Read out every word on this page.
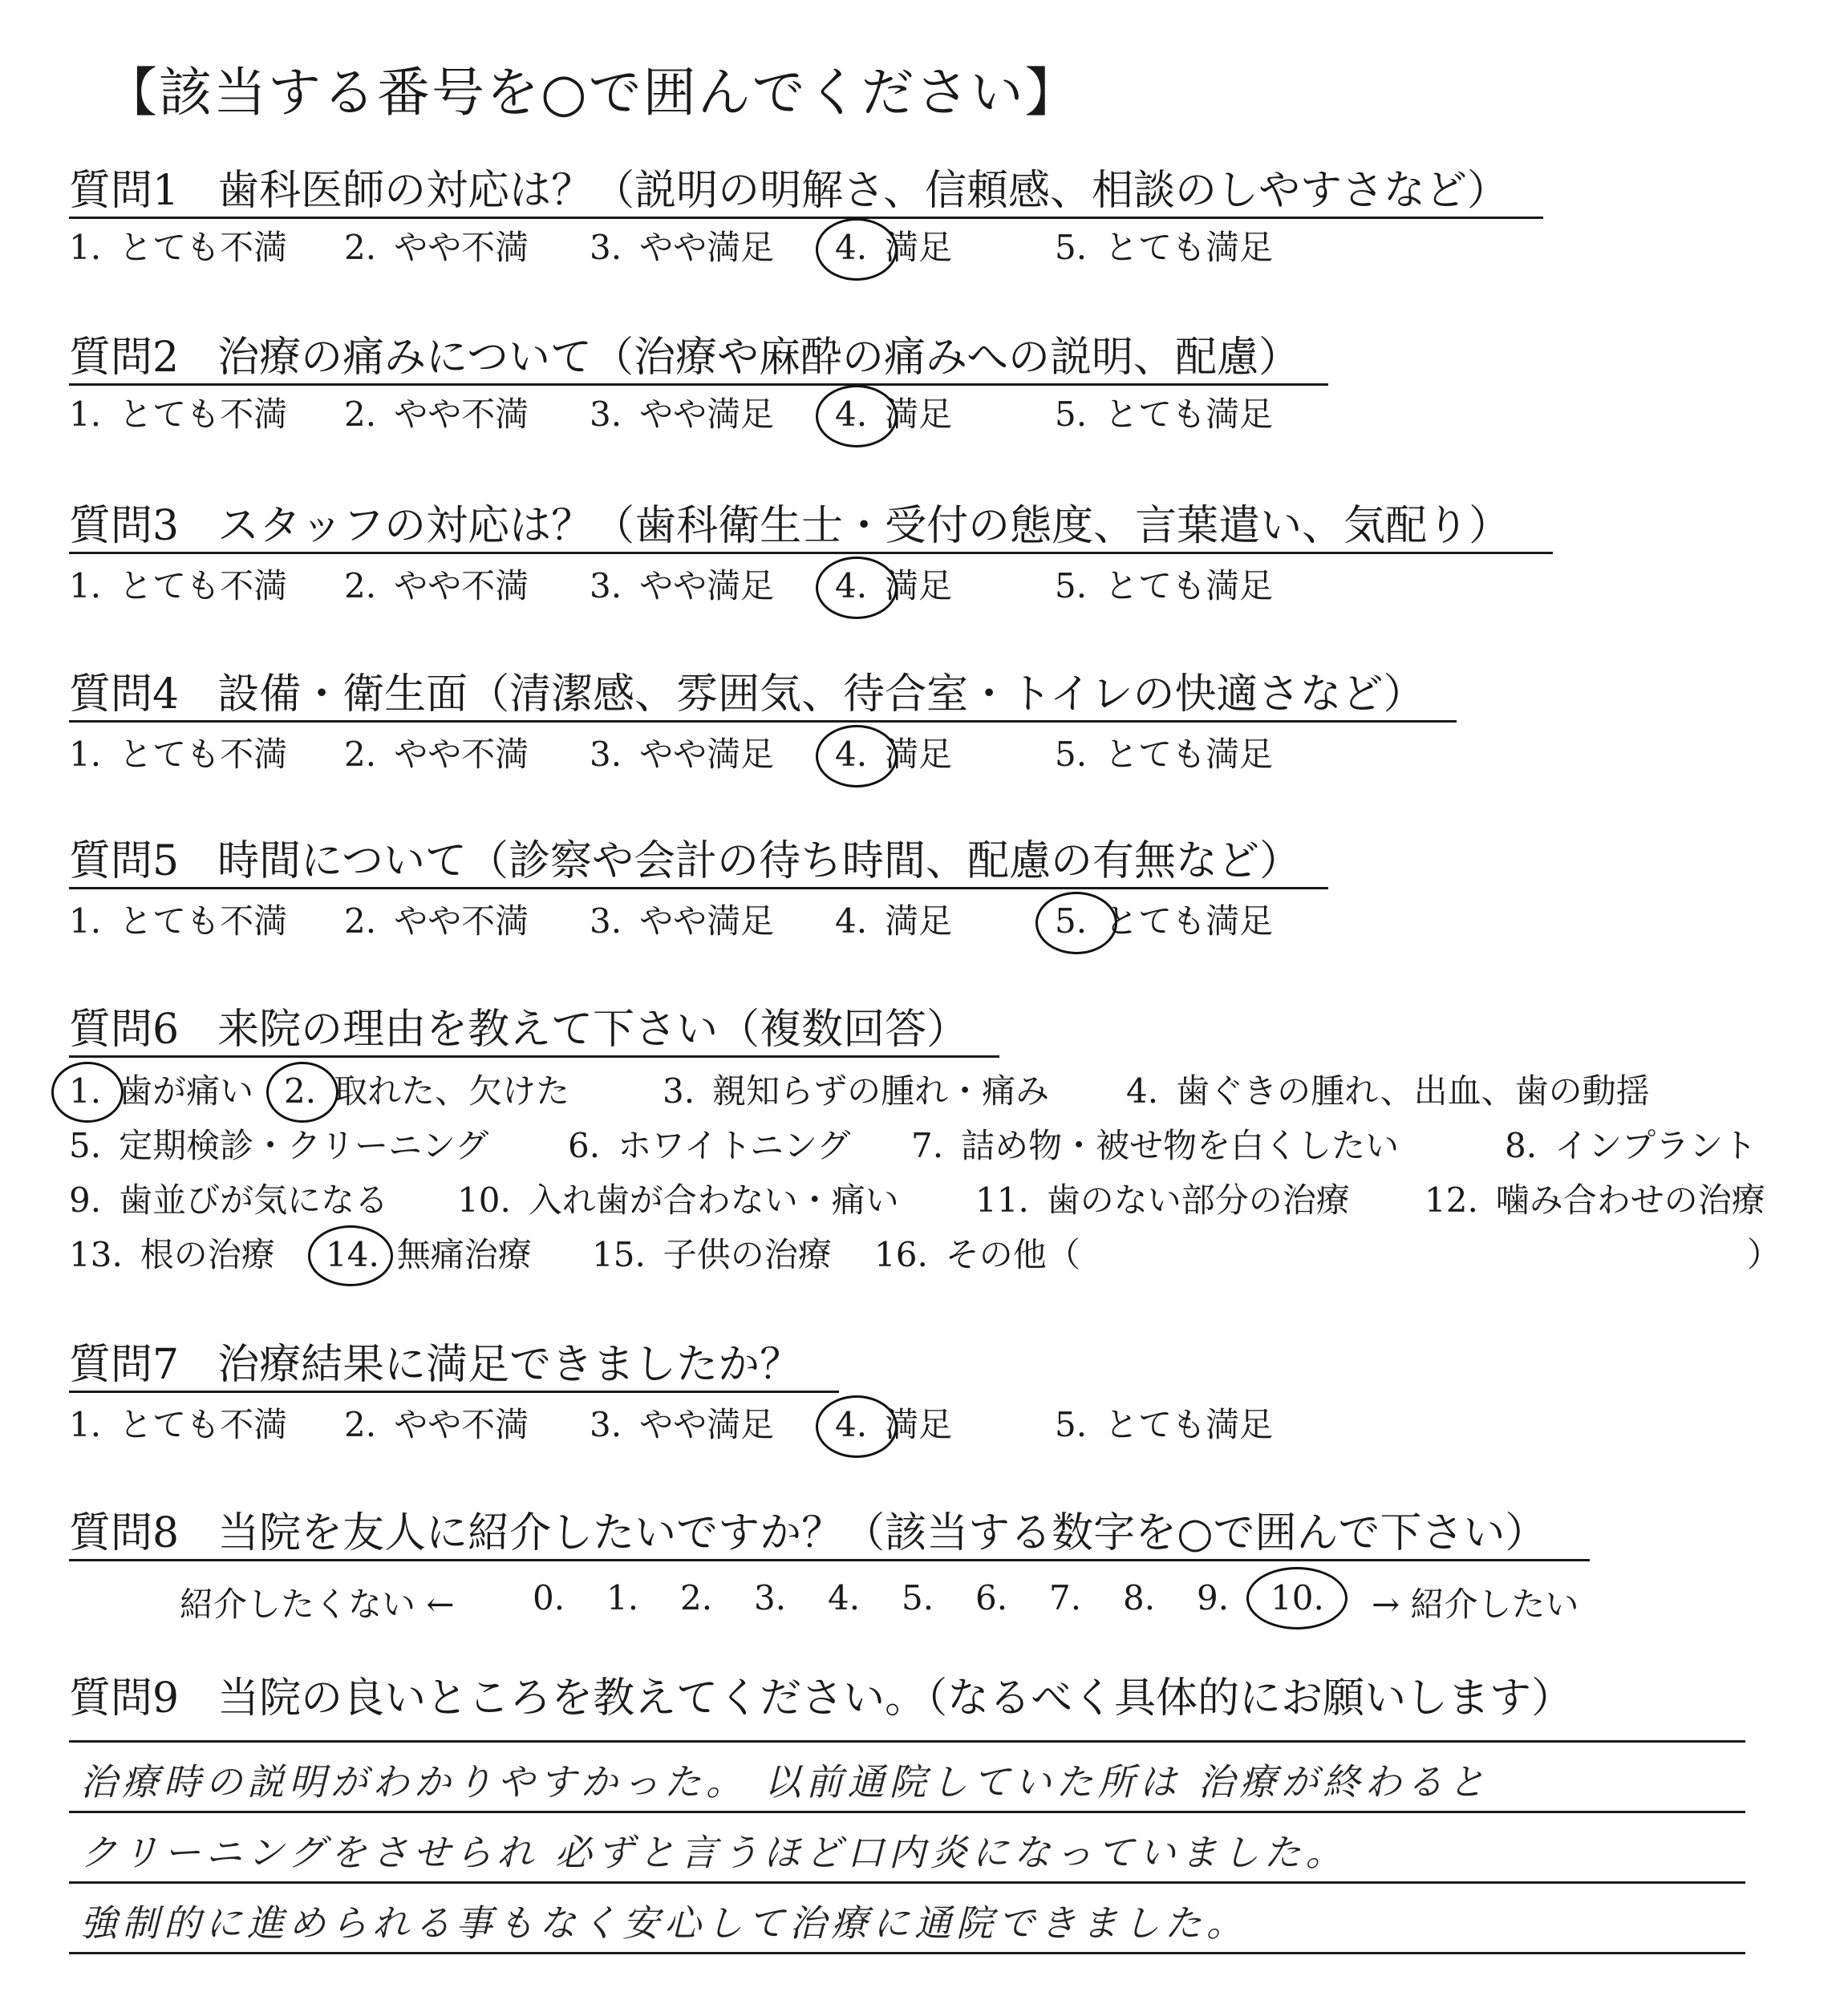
【該当する番号を○で囲んでください】
質問1 歯科医師の対応は？（説明の明解さ、信頼感、相談のしやすさなど）
1. とても不満 2. やや不満 3. やや満足 4. 満足	5. とても満足
質問2 治療の痛みについて（治療や麻酔の痛みへの説明、配慮）
1. とても不満 2. やや不満 3. やや満足 4. 満足	5. とても満足
質問3 スタッフの対応は？（歯科衛生士・受付の態度、言葉遣い、気配り）
1. とても不満 2. やや不満 3. やや満足 4. 満足	5. とても満足
質問4 設備・衛生面（清潔感、雰囲気、待合室・トイレの快適さなど）
1. とても不満 2. やや不満 3. やや満足 4. 満足	5. とても満足
質問5 時間について（診察や会計の待ち時間、配慮の有無など）
1. とても不満 2. やや不満 3. やや満足 4. 満足	5. とても満足
質問6 来院の理由を教えて下さい（複数回答）
1. 歯が痛い 2. 取れた、欠けた	3. 親知らずの腫れ・痛み 4. 歯ぐきの腫れ、出血、歯の動揺
5. 定期検診・クリーニング 6. ホワイトニング 7. 詰め物・被せ物を白くしたい	8. インプラント
9. 歯並びが気になる 10. 入れ歯が合わない・痛い 11. 歯のない部分の治療 12. 噛み合わせの治療
13. 根の治療 14. 無痛治療 15. 子供の治療 16. その他（	）
質問7 治療結果に満足できましたか？
1. とても不満 2. やや不満 3. やや満足 4. 満足	5. とても満足
質問8 当院を友人に紹介したいですか？（該当する数字を○で囲んで下さい）
紹介したくない ← 0. 1. 2. 3. 4. 5. 6. 7. 8. 9. 10. → 紹介したい
質問9 当院の良いところを教えてください。（なるべく具体的にお願いします）
治療時の説明がわかりやすかった。 以前通院していた所は 治療が終わると
クリーニングをさせられ 必ずと言うほど口内炎になっていました。
強制的に進められる事もなく安心して治療に通院できました。
